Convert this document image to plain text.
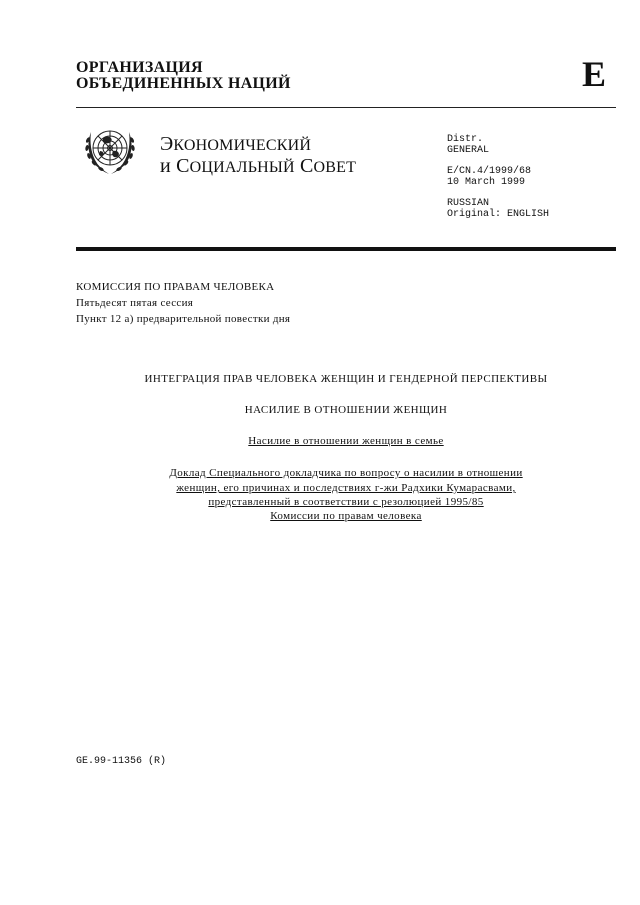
ОРГАНИЗАЦИЯ
ОБЪЕДИНЕННЫХ НАЦИЙ	E
ЭКОНОМИЧЕСКИЙ
и СОЦИАЛЬНЫЙ СОВЕТ
Distr.
GENERAL
E/CN.4/1999/68
10 March 1999
RUSSIAN
Original: ENGLISH
КОМИССИЯ ПО ПРАВАМ ЧЕЛОВЕКА
Пятьдесят пятая сессия
Пункт 12 a) предварительной повестки дня
ИНТЕГРАЦИЯ ПРАВ ЧЕЛОВЕКА ЖЕНЩИН И ГЕНДЕРНОЙ ПЕРСПЕКТИВЫ
НАСИЛИЕ В ОТНОШЕНИИ ЖЕНЩИН
Насилие в отношении женщин в семье
Доклад Специального докладчика по вопросу о насилии в отношении
женщин, его причинах и последствиях г-жи Радхики Кумарасвами,
представленный в соответствии с резолюцией 1995/85
Комиссии по правам человека
GE.99-11356 (R)
